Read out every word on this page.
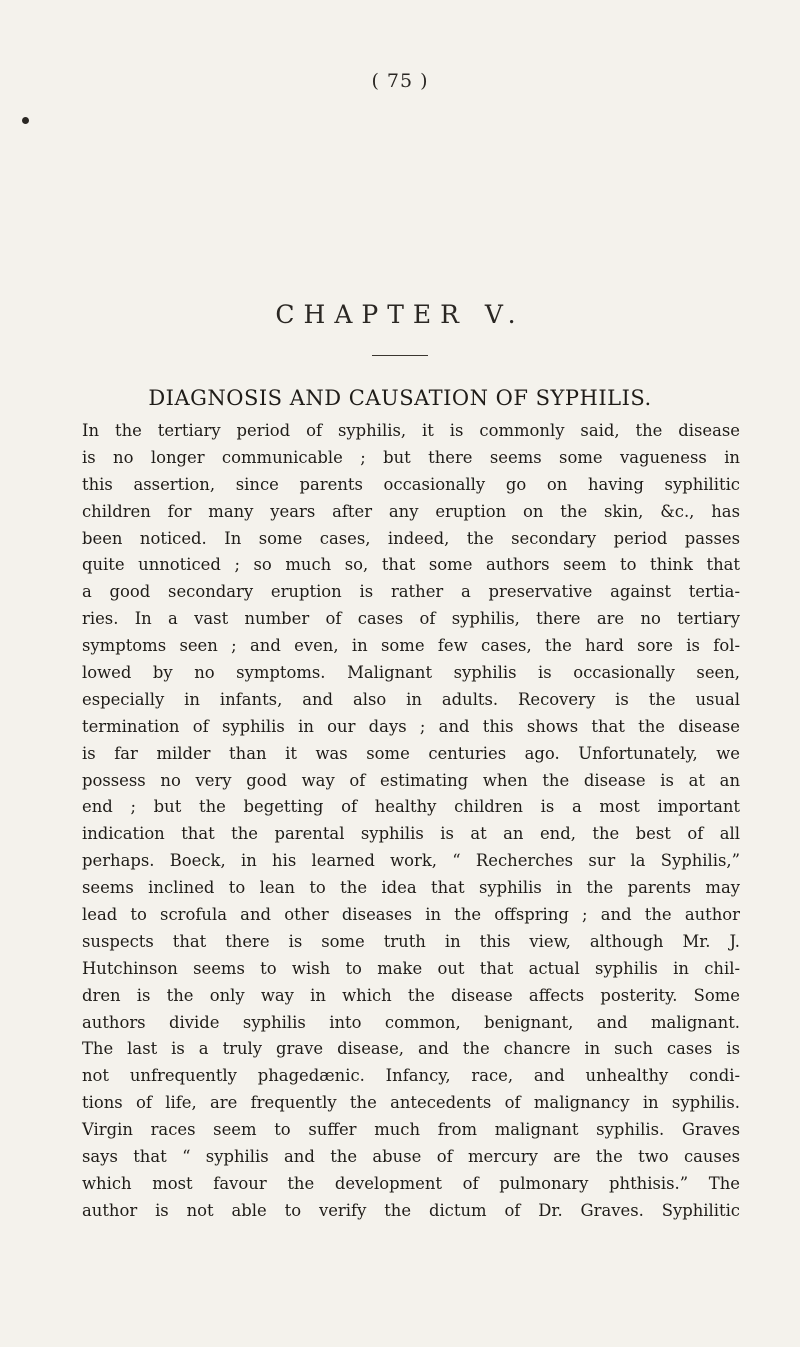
( 75 )
CHAPTER V.
DIAGNOSIS AND CAUSATION OF SYPHILIS.
In the tertiary period of syphilis, it is commonly said, the disease
is no longer communicable ; but there seems some vagueness in
this assertion, since parents occasionally go on having syphilitic
children for many years after any eruption on the skin, &c., has
been noticed. In some cases, indeed, the secondary period passes
quite unnoticed ; so much so, that some authors seem to think that
a good secondary eruption is rather a preservative against tertia-
ries. In a vast number of cases of syphilis, there are no tertiary
symptoms seen ; and even, in some few cases, the hard sore is fol-
lowed by no symptoms. Malignant syphilis is occasionally seen,
especially in infants, and also in adults. Recovery is the usual
termination of syphilis in our days ; and this shows that the disease
is far milder than it was some centuries ago. Unfortunately, we
possess no very good way of estimating when the disease is at an
end ; but the begetting of healthy children is a most important
indication that the parental syphilis is at an end, the best of all
perhaps. Boeck, in his learned work, “ Recherches sur la Syphilis,”
seems inclined to lean to the idea that syphilis in the parents may
lead to scrofula and other diseases in the offspring ; and the author
suspects that there is some truth in this view, although Mr. J.
Hutchinson seems to wish to make out that actual syphilis in chil-
dren is the only way in which the disease affects posterity. Some
authors divide syphilis into common, benignant, and malignant.
The last is a truly grave disease, and the chancre in such cases is
not unfrequently phagedænic. Infancy, race, and unhealthy condi-
tions of life, are frequently the antecedents of malignancy in syphilis.
Virgin races seem to suffer much from malignant syphilis. Graves
says that “ syphilis and the abuse of mercury are the two causes
which most favour the development of pulmonary phthisis.” The
author is not able to verify the dictum of Dr. Graves. Syphilitic
